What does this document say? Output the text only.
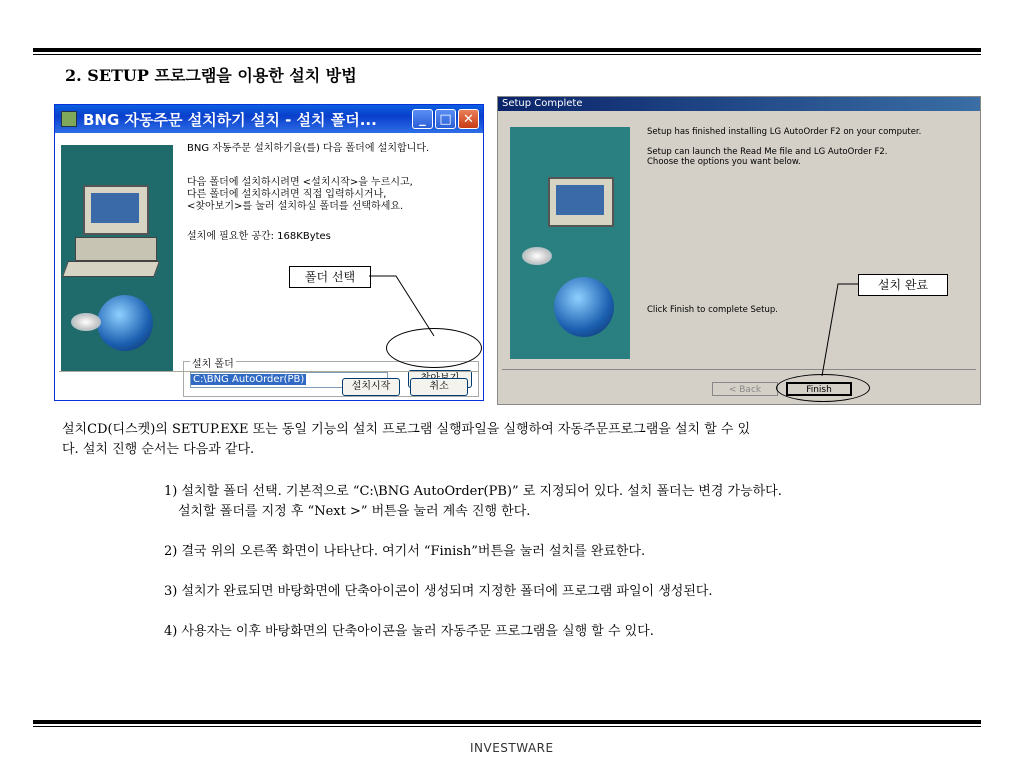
2. SETUP 프로그램을 이용한 설치 방법
BNG 자동주문 설치하기 설치 - 설치 폴더...	_	□ ✕
BNG 자동주문 설치하기을(를) 다음 폴더에 설치합니다.
다음 폴더에 설치하시려면 <설치시작>을 누르시고,
다른 폴더에 설치하시려면 직접 입력하시거나,
<찾아보기>를 눌러 설치하실 폴더를 선택하세요.
설치에 필요한 공간: 168KBytes
설치 폴더
C:\BNG AutoOrder(PB)
설치시작	취소
폴더 선택
Setup Complete
Setup has finished installing LG AutoOrder F2 on your computer.
Setup can launch the Read Me file and LG AutoOrder F2.
Choose the options you want below.
Click Finish to complete Setup.
< Back	Finish
설치 완료
설치CD(디스켓)의 SETUP.EXE 또는 동일 기능의 설치 프로그램 실행파일을 실행하여 자동주문프로그램을 설치 할 수 있
다. 설치 진행 순서는 다음과 같다.
1) 설치할 폴더 선택. 기본적으로 “C:\BNG AutoOrder(PB)” 로 지정되어 있다. 설치 폴더는 변경 가능하다.
설치할 폴더를 지정 후 “Next >” 버튼을 눌러 계속 진행 한다.
2) 결국 위의 오른쪽 화면이 나타난다. 여기서 “Finish”버튼을 눌러 설치를 완료한다.
3) 설치가 완료되면 바탕화면에 단축아이콘이 생성되며 지정한 폴더에 프로그램 파일이 생성된다.
4) 사용자는 이후 바탕화면의 단축아이콘을 눌러 자동주문 프로그램을 실행 할 수 있다.
INVESTWARE
